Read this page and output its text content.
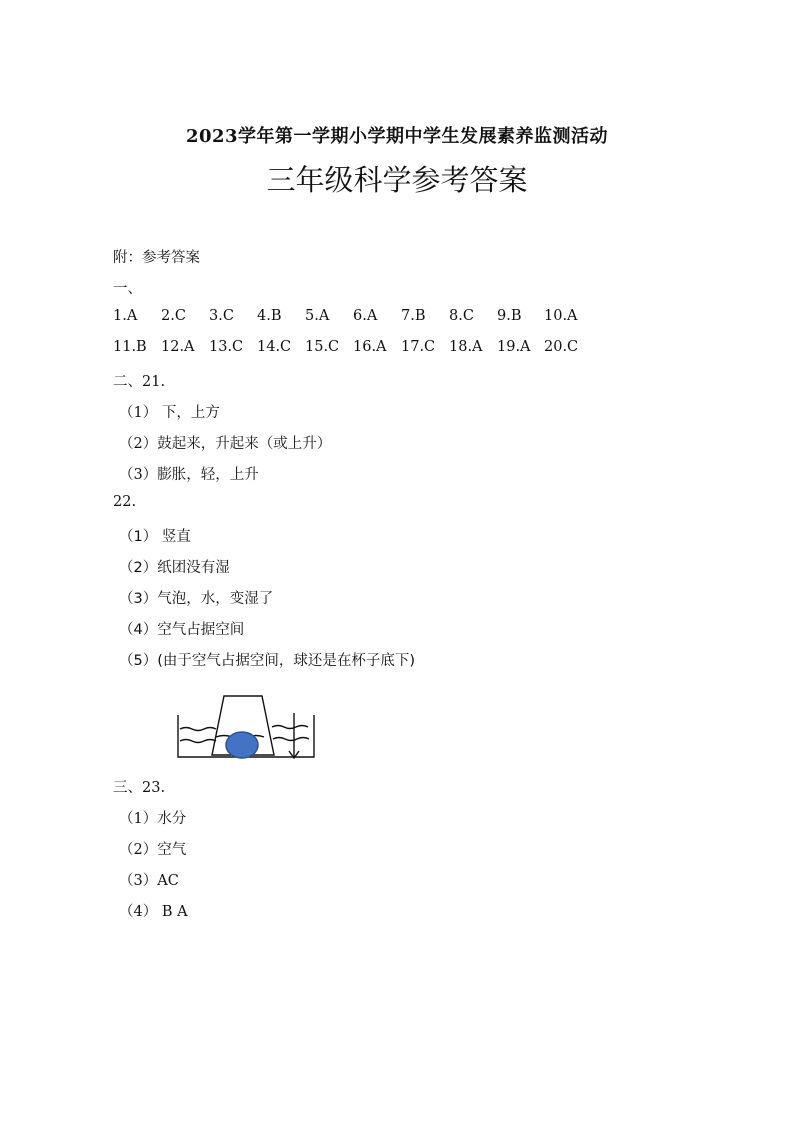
2023学年第一学期小学期中学生发展素养监测活动
三年级科学参考答案
附：参考答案
一、
1.A 2.C 3.C 4.B 5.A 6.A 7.B 8.C 9.B 10.A
11.B 12.A 13.C 14.C 15.C 16.A 17.C 18.A 19.A 20.C
二、21.
（1） 下，上方
（2）鼓起来，升起来（或上升）
（3）膨胀，轻，上升
22.
（1） 竖直
（2）纸团没有湿
（3）气泡，水，变湿了
（4）空气占据空间
（5）(由于空气占据空间，球还是在杯子底下)
三、23.
（1）水分
（2）空气
（3）AC
（4） B A
